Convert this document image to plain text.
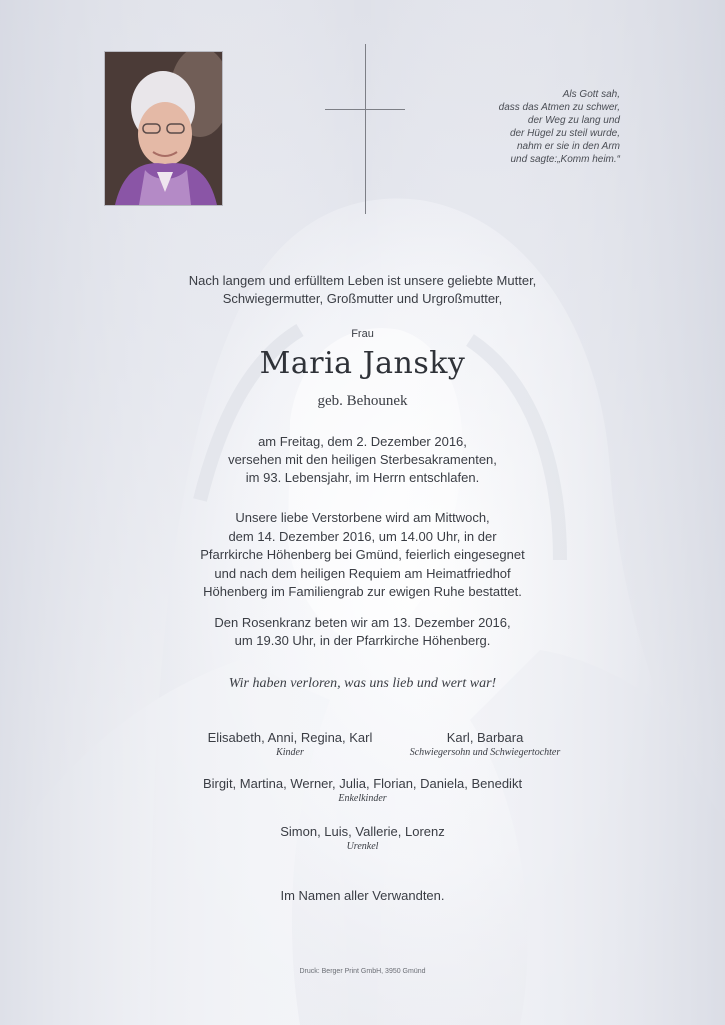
Als Gott sah,
dass das Atmen zu schwer,
der Weg zu lang und
der Hügel zu steil wurde,
nahm er sie in den Arm
und sagte:„Komm heim.“
Nach langem und erfülltem Leben ist unsere geliebte Mutter,
Schwiegermutter, Großmutter und Urgroßmutter,
Frau
Maria Jansky
geb. Behounek
am Freitag, dem 2. Dezember 2016,
versehen mit den heiligen Sterbesakramenten,
im 93. Lebensjahr, im Herrn entschlafen.
Unsere liebe Verstorbene wird am Mittwoch,
dem 14. Dezember 2016, um 14.00 Uhr, in der
Pfarrkirche Höhenberg bei Gmünd, feierlich eingesegnet
und nach dem heiligen Requiem am Heimatfriedhof
Höhenberg im Familiengrab zur ewigen Ruhe bestattet.
Den Rosenkranz beten wir am 13. Dezember 2016,
um 19.30 Uhr, in der Pfarrkirche Höhenberg.
Wir haben verloren, was uns lieb und wert war!
Elisabeth, Anni, Regina, Karl
Kinder
Karl, Barbara
Schwiegersohn und Schwiegertochter
Birgit, Martina, Werner, Julia, Florian, Daniela, Benedikt
Enkelkinder
Simon, Luis, Vallerie, Lorenz
Urenkel
Im Namen aller Verwandten.
Druck: Berger Print GmbH, 3950 Gmünd
